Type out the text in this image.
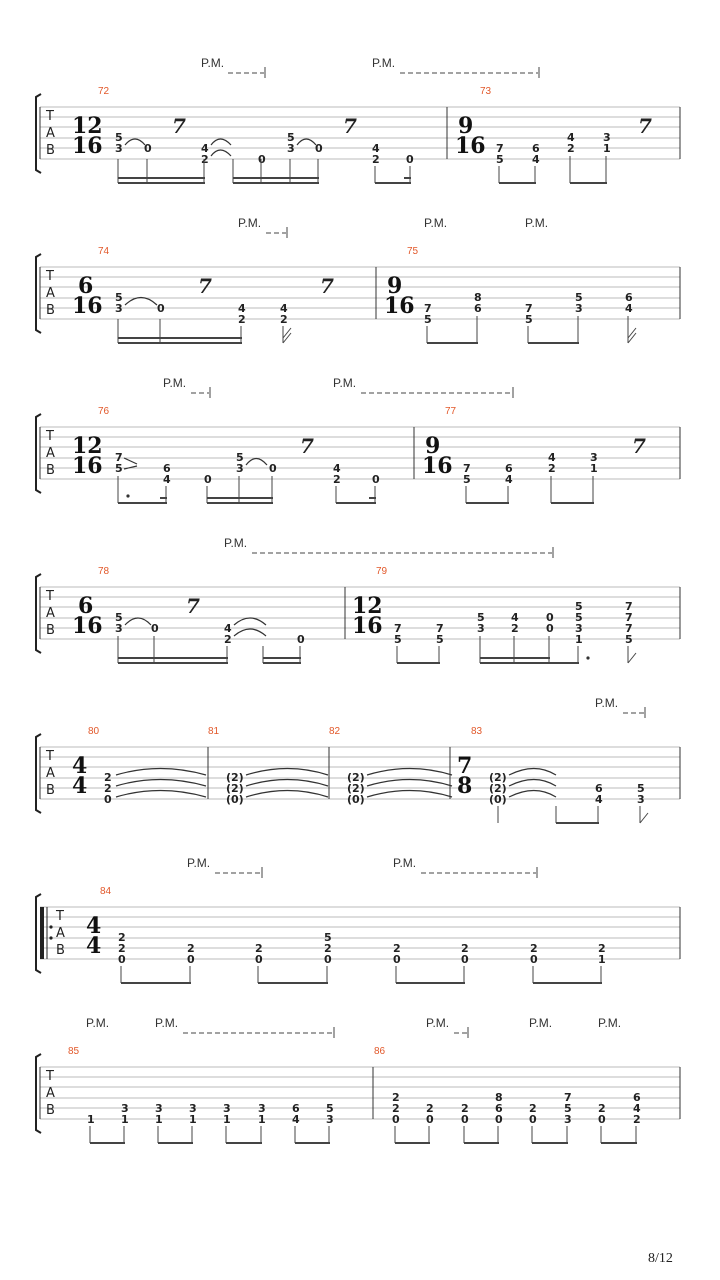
T
A
B
72	73
12
16
9
16
P.M.	P.M.
5
3 0	4
2	0
5
3 0	4
2 0
7
5
6
4
4
2
3
1
7	7	7
T
A
B
74	75
6
16
9
16
P.M.	P.M.	P.M.
5
3	0	4
2
4
2
7
5
8
6	7
5
5
3
6
4
7	7
T
A
B
76	77
12
16
9
16
P.M.	P.M.
7
5	6
4	0
5
3 0	4
2	0
7
5
6
4
4
2
3
1
7	7
T
A
B
78	79
6
16
12
16
P.M.
5
3	0	4
2	0
7
5
7
5
5
3
4
2
0
0
5
5
3
1
7
7
7
5
7
T
A
B
80	81	82	83
4
4
7
8
P.M.
2
2
0
(2)
(2)
(0)
(2)
(2)
(0)
(2)
(2)
(0)
6
4
5
3
T
A
B
84
4
4
P.M.	P.M.
2
2
0
2
0
2
0
5
2
0
2
0
2
0
2
0
2
1
T
A
B
85	86
P.M.	P.M.	P.M.	P.M.	P.M.
1
3
1
3
1
3
1
3
1
3
1
6
4
5
3
2
2
0
2
0
2
0
8
6
0
2
0
7
5
3
2
0
6
4
2
8/12
